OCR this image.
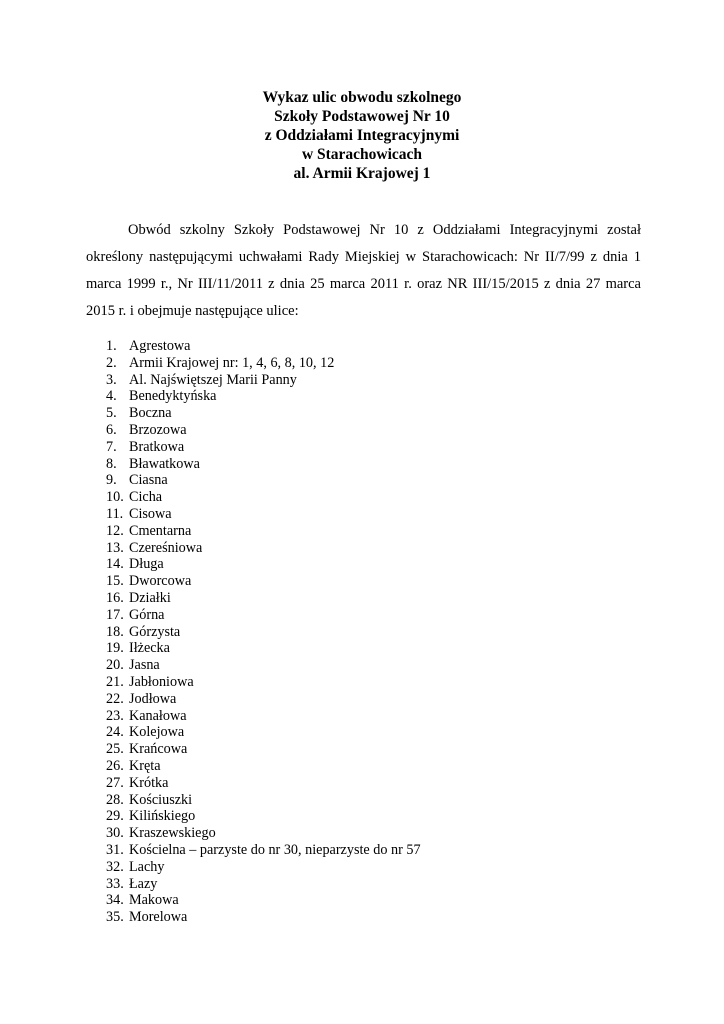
Wykaz ulic obwodu szkolnego
Szkoły Podstawowej Nr 10
z Oddziałami Integracyjnymi
w Starachowicach
al. Armii Krajowej 1

Obwód szkolny Szkoły Podstawowej Nr 10 z Oddziałami Integracyjnymi został określony następującymi uchwałami Rady Miejskiej w Starachowicach: Nr II/7/99 z dnia 1 marca 1999 r., Nr III/11/2011 z dnia 25 marca 2011 r. oraz NR III/15/2015 z dnia 27 marca 2015 r. i obejmuje następujące ulice:

1. Agrestowa
2. Armii Krajowej nr: 1, 4, 6, 8, 10, 12
3. Al. Najświętszej Marii Panny
4. Benedyktyńska
5. Boczna
6. Brzozowa
7. Bratkowa
8. Bławatkowa
9. Ciasna
10. Cicha
11. Cisowa
12. Cmentarna
13. Czereśniowa
14. Długa
15. Dworcowa
16. Działki
17. Górna
18. Górzysta
19. Iłżecka
20. Jasna
21. Jabłoniowa
22. Jodłowa
23. Kanałowa
24. Kolejowa
25. Krańcowa
26. Kręta
27. Krótka
28. Kościuszki
29. Kilińskiego
30. Kraszewskiego
31. Kościelna – parzyste do nr 30, nieparzyste do nr 57
32. Lachy
33. Łazy
34. Makowa
35. Morelowa
